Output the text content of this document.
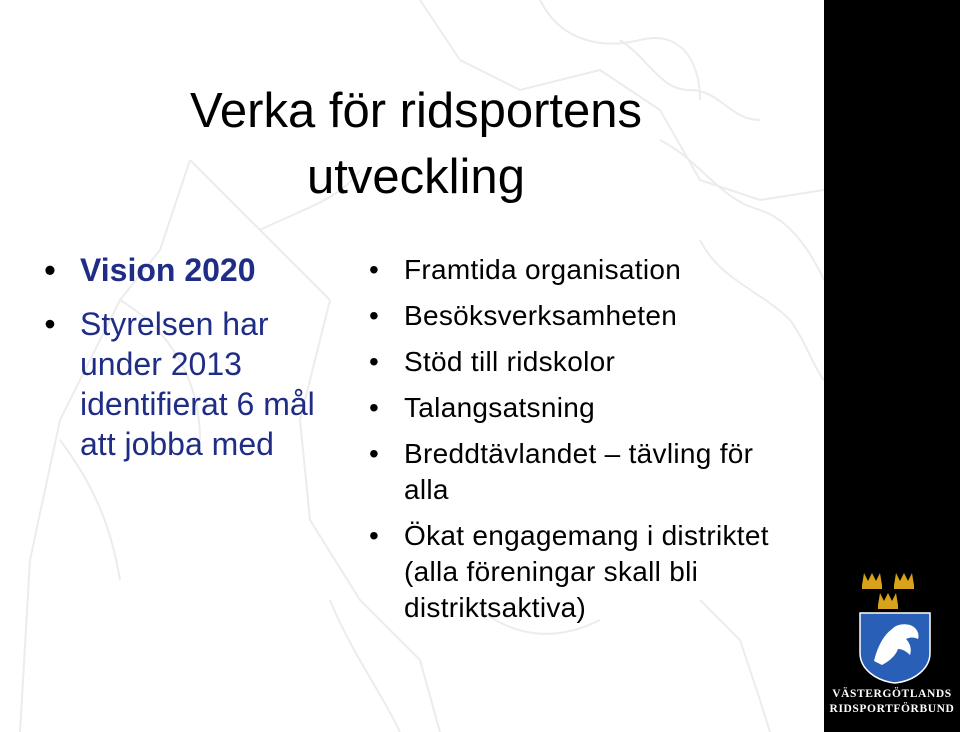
Verka för ridsportens
utveckling
• Vision 2020
• Styrelsen har under 2013 identifierat 6 mål att jobba med
• Framtida organisation
• Besöksverksamheten
• Stöd till ridskolor
• Talangsatsning
• Breddtävlandet – tävling för alla
• Ökat engagemang i distriktet (alla föreningar skall bli distriktsaktiva)
VÄSTERGÖTLANDS
RIDSPORTFÖRBUND
